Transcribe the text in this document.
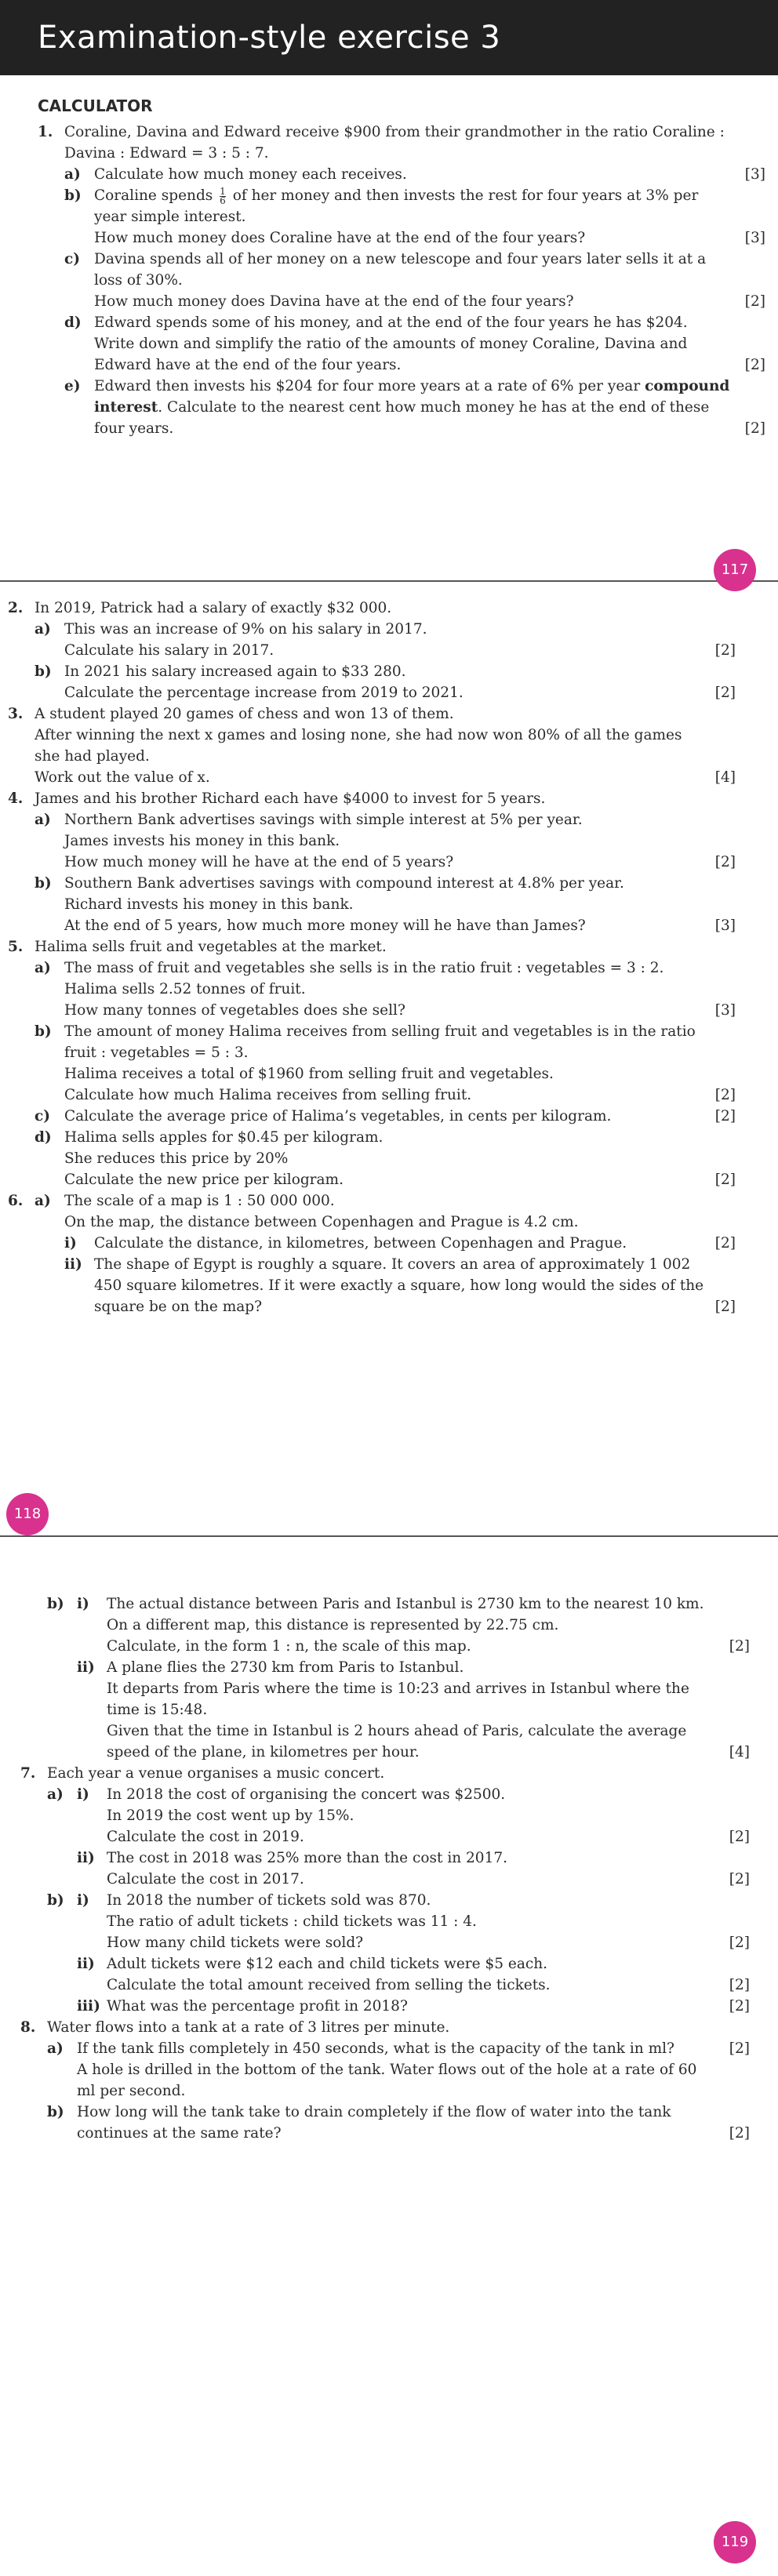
Examination-style exercise 3
CALCULATOR
1. Coraline, Davina and Edward receive $900 from their grandmother in the ratio Coraline : Davina : Edward = 3 : 5 : 7.
a) Calculate how much money each receives.	[3]
b) Coraline spends $\frac{1}{6}$ of her money and then invests the rest for four years at 3% per year simple interest.
How much money does Coraline have at the end of the four years?	[3]
c) Davina spends all of her money on a new telescope and four years later sells it at a loss of 30%.
How much money does Davina have at the end of the four years?	[2]
d) Edward spends some of his money, and at the end of the four years he has $204.
Write down and simplify the ratio of the amounts of money Coraline, Davina and Edward have at the end of the four years.	[2]
e) Edward then invests his $204 for four more years at a rate of 6% per year compound interest. Calculate to the nearest cent how much money he has at the end of these four years.	[2]
117
2. In 2019, Patrick had a salary of exactly $32 000.
a) This was an increase of 9% on his salary in 2017.
Calculate his salary in 2017.	[2]
b) In 2021 his salary increased again to $33 280.
Calculate the percentage increase from 2019 to 2021.	[2]
3. A student played 20 games of chess and won 13 of them.
After winning the next x games and losing none, she had now won 80% of all the games she had played.
Work out the value of x.	[4]
4. James and his brother Richard each have $4000 to invest for 5 years.
a) Northern Bank advertises savings with simple interest at 5% per year.
James invests his money in this bank.
How much money will he have at the end of 5 years?	[2]
b) Southern Bank advertises savings with compound interest at 4.8% per year.
Richard invests his money in this bank.
At the end of 5 years, how much more money will he have than James?	[3]
5. Halima sells fruit and vegetables at the market.
a) The mass of fruit and vegetables she sells is in the ratio fruit : vegetables = 3 : 2.
Halima sells 2.52 tonnes of fruit.
How many tonnes of vegetables does she sell?	[3]
b) The amount of money Halima receives from selling fruit and vegetables is in the ratio fruit : vegetables = 5 : 3.
Halima receives a total of $1960 from selling fruit and vegetables.
Calculate how much Halima receives from selling fruit.	[2]
c) Calculate the average price of Halima’s vegetables, in cents per kilogram.	[2]
d) Halima sells apples for $0.45 per kilogram.
She reduces this price by 20%
Calculate the new price per kilogram.	[2]
6. a) The scale of a map is 1 : 50 000 000.
On the map, the distance between Copenhagen and Prague is 4.2 cm.
i)	Calculate the distance, in kilometres, between Copenhagen and Prague.	[2]
ii) The shape of Egypt is roughly a square. It covers an area of approximately 1 002 450 square kilometres. If it were exactly a square, how long would the sides of the square be on the map?	[2]
118
b) i)	The actual distance between Paris and Istanbul is 2730 km to the nearest 10 km. On a different map, this distance is represented by 22.75 cm.
Calculate, in the form 1 : n, the scale of this map.	[2]
ii) A plane flies the 2730 km from Paris to Istanbul.
It departs from Paris where the time is 10:23 and arrives in Istanbul where the time is 15:48.
Given that the time in Istanbul is 2 hours ahead of Paris, calculate the average speed of the plane, in kilometres per hour.	[4]
7. Each year a venue organises a music concert.
a) i)	In 2018 the cost of organising the concert was $2500.
In 2019 the cost went up by 15%.
Calculate the cost in 2019.	[2]
ii) The cost in 2018 was 25% more than the cost in 2017.
Calculate the cost in 2017.	[2]
b) i)	In 2018 the number of tickets sold was 870.
The ratio of adult tickets : child tickets was 11 : 4.
How many child tickets were sold?	[2]
ii) Adult tickets were $12 each and child tickets were $5 each.
Calculate the total amount received from selling the tickets.	[2]
iii) What was the percentage profit in 2018?	[2]
8. Water flows into a tank at a rate of 3 litres per minute.
a) If the tank fills completely in 450 seconds, what is the capacity of the tank in ml?	[2]
A hole is drilled in the bottom of the tank. Water flows out of the hole at a rate of 60 ml per second.
b) How long will the tank take to drain completely if the flow of water into the tank continues at the same rate?	[2]
119
